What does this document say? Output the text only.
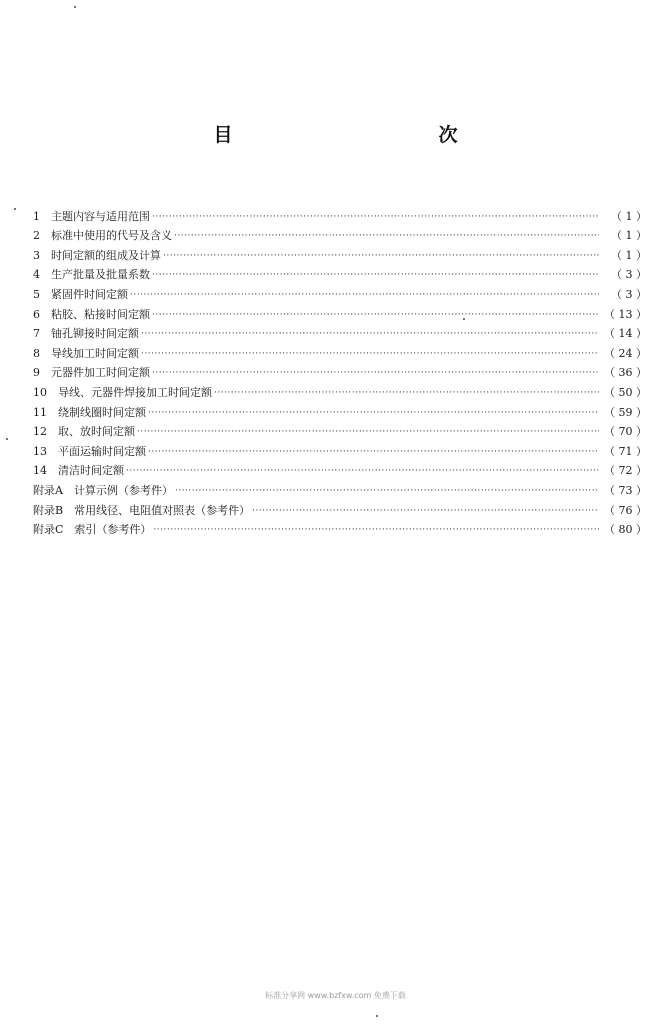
目　　次
1　主题内容与适用范围 ·····	（ 1 ）
2　标准中使用的代号及含义 ·····	（ 1 ）
3　时间定额的组成及计算 ·····	（ 1 ）
4　生产批量及批量系数 ·····	（ 3 ）
5　紧固件时间定额 ·····	（ 3 ）
6　粘胶、粘接时间定额 ·····	（ 13 ）
7　铀孔铆接时间定额 ·····	（ 14 ）
8　导线加工时间定额 ·····	（ 24 ）
9　元器件加工时间定额 ·····	（ 36 ）
10　导线、元器件焊接加工时间定额 ·····	（ 50 ）
11　绕制线圈时间定额 ·····	（ 59 ）
12　取、放时间定额 ·····	（ 70 ）
13　平面运输时间定额 ·····	（ 71 ）
14　清洁时间定额 ·····	（ 72 ）
附录A　计算示例（参考件） ·····	（ 73 ）
附录B　常用线径、电阻值对照表（参考件） ·····	（ 76 ）
附录C　索引（参考件） ·····	（ 80 ）
标准分享网 www.bzfxw.com 免费下载
